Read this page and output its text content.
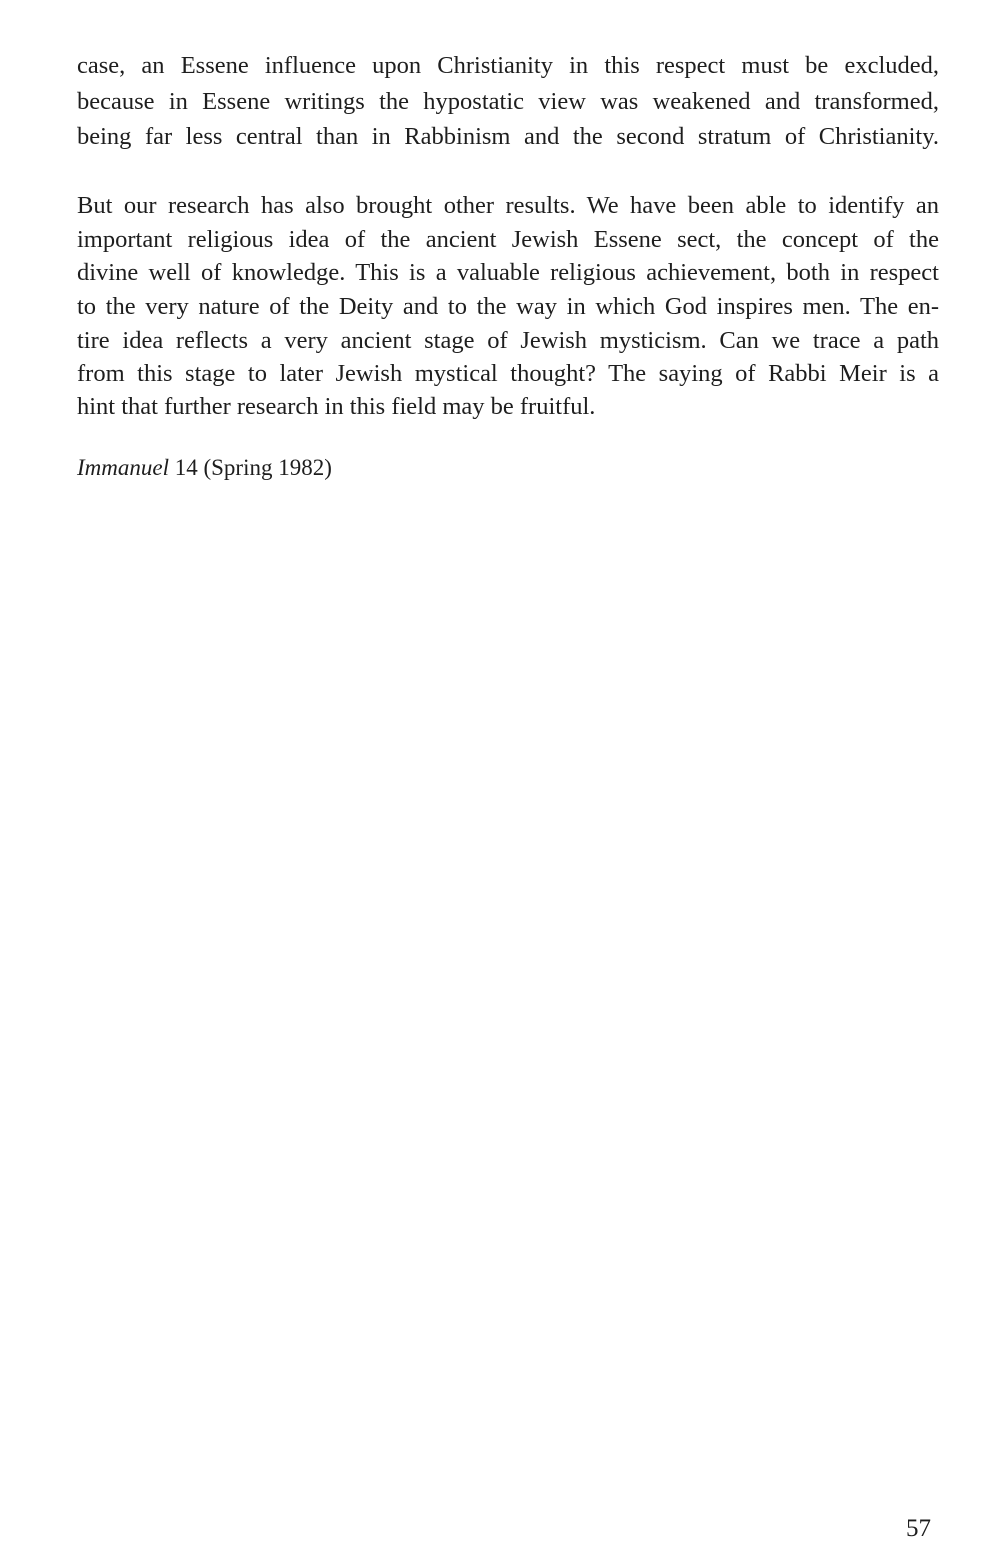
case, an Essene influence upon Christianity in this respect must be excluded,
because in Essene writings the hypostatic view was weakened and transformed,
being far less central than in Rabbinism and the second stratum of Christianity.
But our research has also brought other results. We have been able to identify an
important religious idea of the ancient Jewish Essene sect, the concept of the
divine well of knowledge. This is a valuable religious achievement, both in respect
to the very nature of the Deity and to the way in which God inspires men. The en-
tire idea reflects a very ancient stage of Jewish mysticism. Can we trace a path
from this stage to later Jewish mystical thought? The saying of Rabbi Meir is a
hint that further research in this field may be fruitful.
Immanuel 14 (Spring 1982)
57
